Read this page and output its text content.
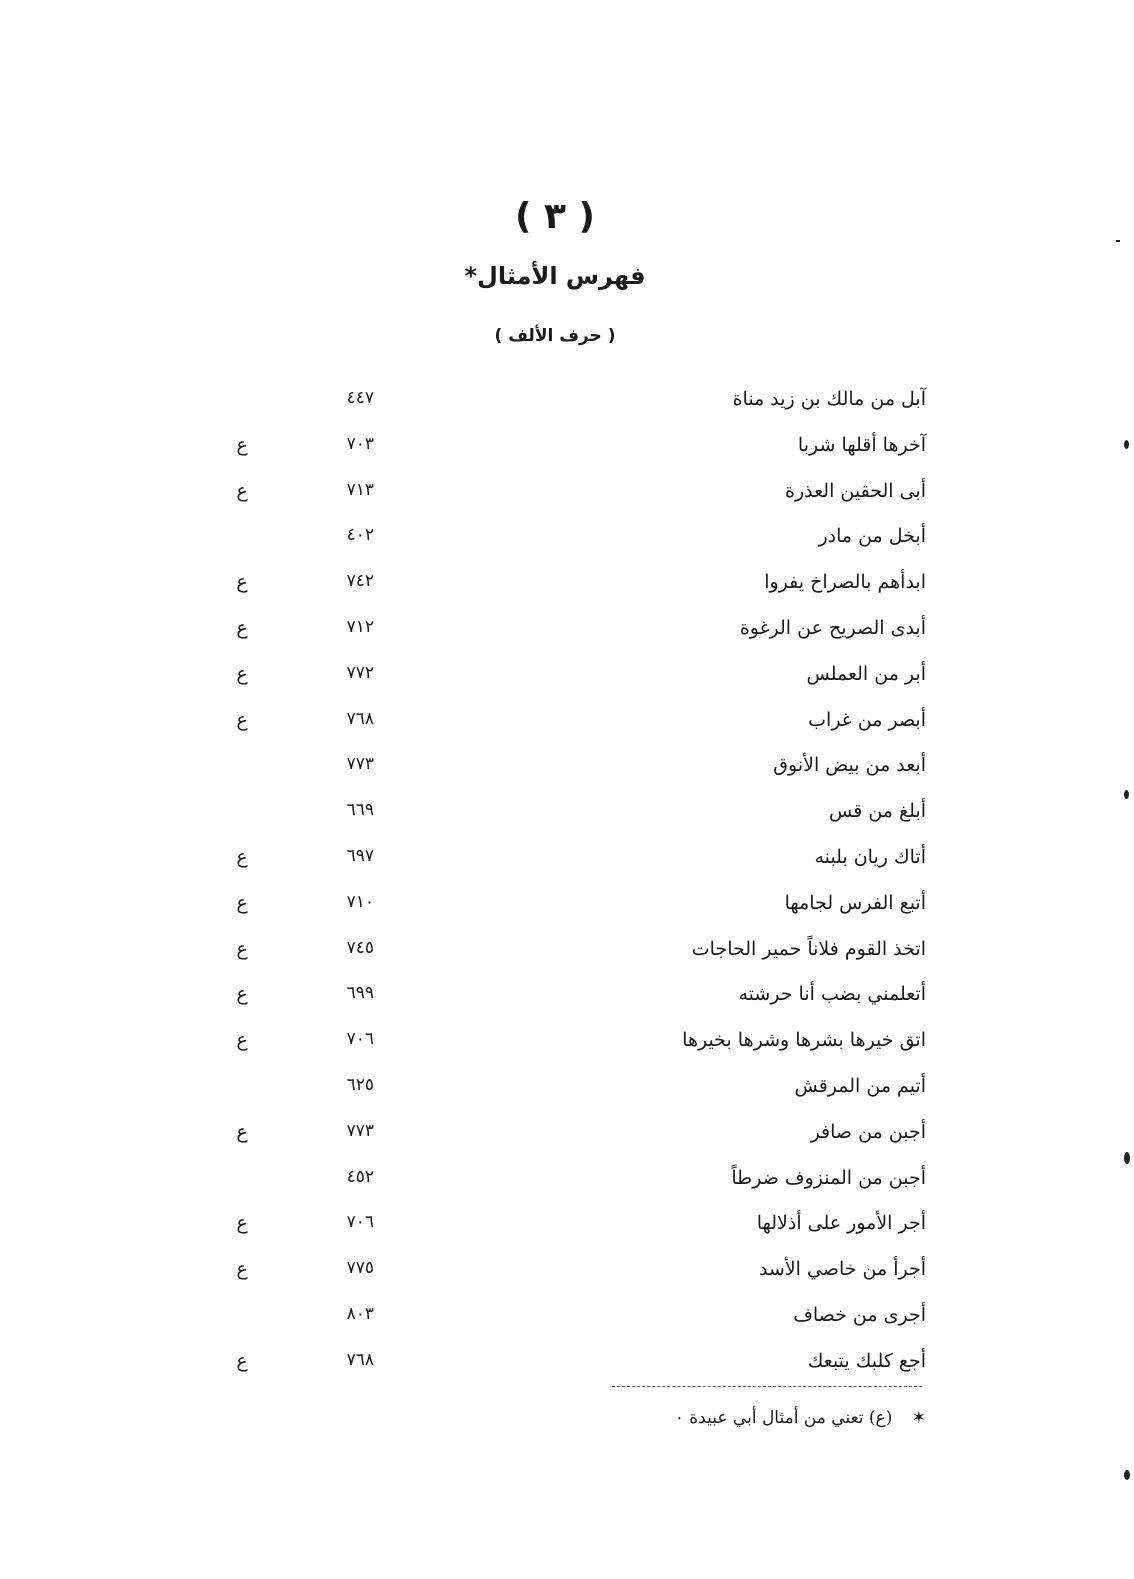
( ٣ )
فهرس الأمثال*
( حرف الألف )
آبل من مالك بن زيد مناة
٤٤٧
آخرها أقلها شربا
٧٠٣
ع
أبى الحقين العذرة
٧١٣
ع
أبخل من مادر
٤٠٢
ابدأهم بالصراخ يفروا
٧٤٢
ع
أبدى الصريح عن الرغوة
٧١٢
ع
أبر من العملس
٧٧٢
ع
أبصر من غراب
٧٦٨
ع
أبعد من بيض الأنوق
٧٧٣
أبلغ من قس
٦٦٩
أتاك ريان بلبنه
٦٩٧
ع
أتبع الفرس لجامها
٧١٠
ع
اتخذ القوم فلاناً حمير الحاجات
٧٤٥
ع
أتعلمني بضب أنا حرشته
٦٩٩
ع
اتق خيرها بشرها وشرها بخيرها
٧٠٦
ع
أتيم من المرقش
٦٢٥
أجبن من صافر
٧٧٣
ع
أجبن من المنزوف ضرطاً
٤٥٢
أجر الأمور على أذلالها
٧٠٦
ع
أجرأ من خاصي الأسد
٧٧٥
ع
أجرى من خصاف
٨٠٣
أجع كلبك يتبعك
٧٦٨
ع
✶ (ع) تعني من أمثال أبي عبيدة ٠
